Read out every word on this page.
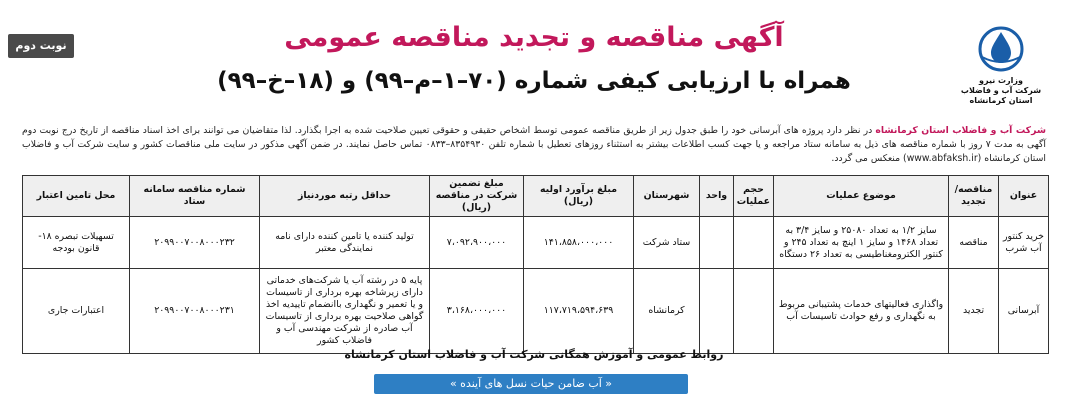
وزارت نیرو
شرکت آب و فاضلاب
استان کرمانشاه
نوبت دوم	آگهی مناقصه و تجدید مناقصه عمومی
همراه با ارزیابی کیفی شماره (۷۰–۱–م–۹۹) و (۱۸–خ–۹۹)
شرکت آب و فاضلاب استان کرمانشاه در نظر دارد پروژه های آبرسانی خود را طبق جدول زیر از طریق مناقصه عمومی توسط اشخاص حقیقی و حقوقی تعیین صلاحیت شده به اجرا بگذارد. لذا متقاضیان می توانند برای اخذ اسناد مناقصه از تاریخ درج نوبت دوم آگهی به مدت ۷ روز با شماره مناقصه های ذیل به سامانه ستاد مراجعه و یا جهت کسب اطلاعات بیشتر به استثناء روزهای تعطیل با شماره تلفن ۸۳۵۴۹۳۰–۰۸۳۳ تماس حاصل نمایند. در ضمن آگهی مذکور در سایت ملی مناقصات کشور و سایت شرکت آب و فاضلاب استان کرمانشاه (www.abfaksh.ir) منعکس می گردد.
عنوان	مناقصه/ تجدید	موضوع عملیات	حجم عملیات	واحد	شهرستان	مبلغ برآورد اولیه (ریال)	مبلغ تضمین شرکت در مناقصه (ریال)	حداقل رتبه موردنیاز	شماره مناقصه سامانه ستاد	محل تامین اعتبار
خرید کنتور آب شرب	مناقصه	سایز ۱/۲ به تعداد ۲۵۰۸۰ و سایز ۳/۴ به تعداد ۱۴۶۸ و سایز ۱ اینچ به تعداد ۲۴۵ و کنتور الکترومغناطیسی به تعداد ۲۶ دستگاه			ستاد شرکت	۱۴۱،۸۵۸،۰۰۰،۰۰۰	۷،۰۹۲،۹۰۰،۰۰۰	تولید کننده یا تامین کننده دارای نامه نمایندگی معتبر	۲۰۹۹۰۰۷۰۰۸۰۰۰۲۳۲	تسهیلات تبصره ۱۸- قانون بودجه
آبرسانی	تجدید	واگذاری فعالیتهای خدمات پشتیبانی مربوط به نگهداری و رفع حوادث تاسیسات آب			کرمانشاه	۱۱۷،۷۱۹،۵۹۴،۶۳۹	۳،۱۶۸،۰۰۰،۰۰۰	پایه ۵ در رشته آب یا شرکت‌های خدماتی دارای زیرشاخه بهره برداری از تاسیسات و یا تعمیر و نگهداری باانضمام تاییدیه اخذ گواهی صلاحیت بهره برداری از تاسیسات آب صادره از شرکت مهندسی آب و فاضلاب کشور	۲۰۹۹۰۰۷۰۰۸۰۰۰۲۳۱	اعتبارات جاری
روابط عمومی و آموزش همگانی شرکت آب و فاضلاب استان کرمانشاه
« آب ضامن حیات نسل های آینده »
